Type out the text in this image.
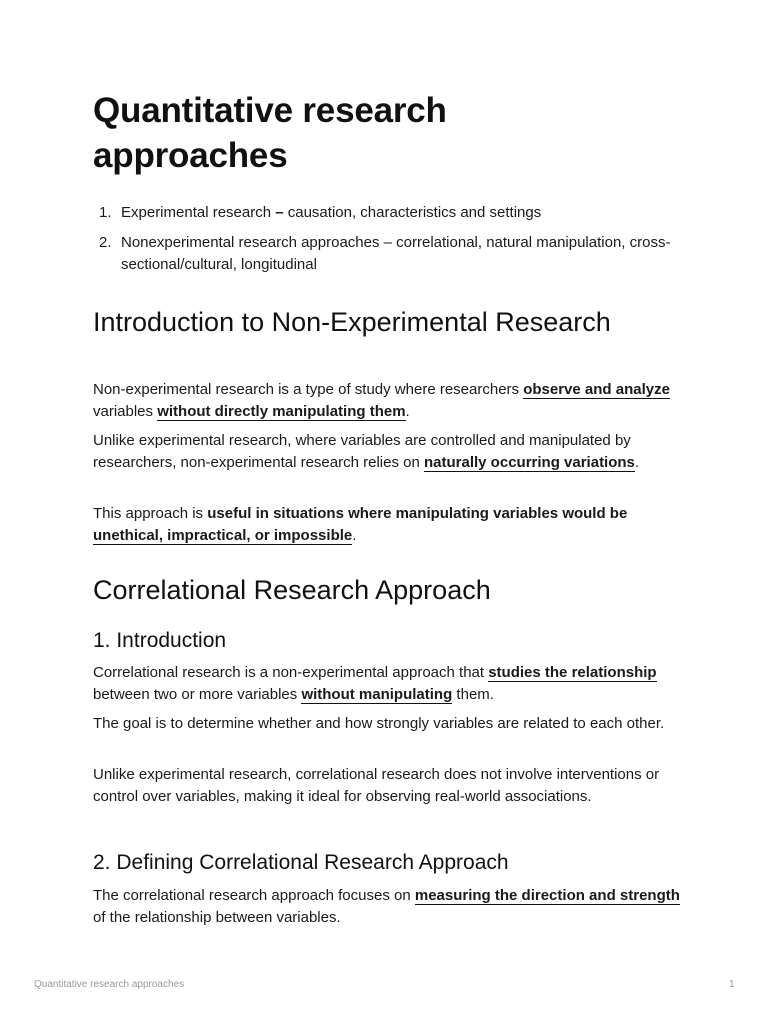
Quantitative research
approaches
1. Experimental research – causation, characteristics and settings
2. Nonexperimental research approaches – correlational, natural manipulation, cross-sectional/cultural, longitudinal
Introduction to Non-Experimental Research

Non-experimental research is a type of study where researchers observe and analyze variables without directly manipulating them.

Unlike experimental research, where variables are controlled and manipulated by researchers, non-experimental research relies on naturally occurring variations.

This approach is useful in situations where manipulating variables would be unethical, impractical, or impossible.

Correlational Research Approach
1. Introduction

Correlational research is a non-experimental approach that studies the relationship between two or more variables without manipulating them.

The goal is to determine whether and how strongly variables are related to each other.

Unlike experimental research, correlational research does not involve interventions or control over variables, making it ideal for observing real-world associations.

2. Defining Correlational Research Approach

The correlational research approach focuses on measuring the direction and strength of the relationship between variables.

Quantitative research approaches	1
